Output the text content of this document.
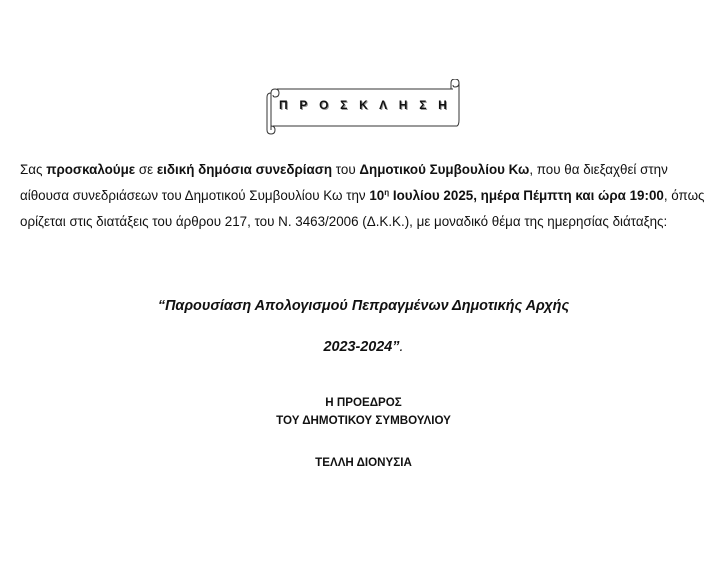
Π Ρ Ο Σ Κ Λ Η Σ Η

Σας προσκαλούμε σε ειδική δημόσια συνεδρίαση του Δημοτικού Συμβουλίου Κω, που θα διεξαχθεί στην αίθουσα συνεδριάσεων του Δημοτικού Συμβουλίου Κω την $10^\eta$ Ιουλίου 2025, ημέρα Πέμπτη και ώρα 19:00, όπως ορίζεται στις διατάξεις του άρθρου 217, του Ν. 3463/2006 (Δ.Κ.Κ.), με μοναδικό θέμα της ημερησίας διάταξης:

“Παρουσίαση Απολογισμού Πεπραγμένων Δημοτικής Αρχής

2023-2024”.

Η ΠΡΟΕΔΡΟΣ

ΤΟΥ ΔΗΜΟΤΙΚΟΥ ΣΥΜΒΟΥΛΙΟΥ

ΤΕΛΛΗ ΔΙΟΝΥΣΙΑ
